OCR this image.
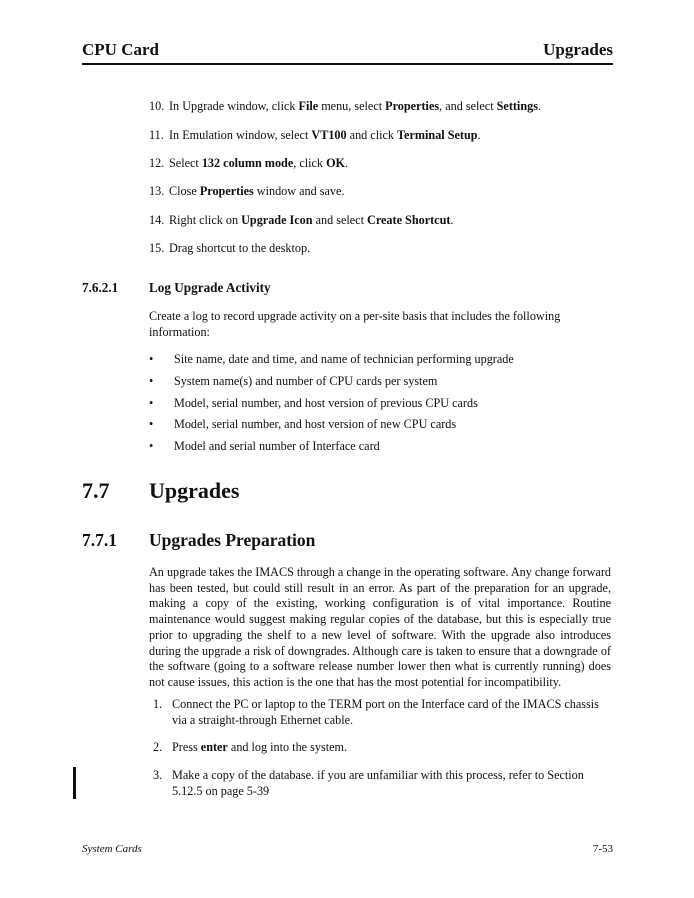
CPU Card	Upgrades
10. In Upgrade window, click File menu, select Properties, and select Settings.
11. In Emulation window, select VT100 and click Terminal Setup.
12. Select 132 column mode, click OK.
13. Close Properties window and save.
14. Right click on Upgrade Icon and select Create Shortcut.
15. Drag shortcut to the desktop.
7.6.2.1 Log Upgrade Activity
Create a log to record upgrade activity on a per-site basis that includes the following information:
• Site name, date and time, and name of technician performing upgrade
• System name(s) and number of CPU cards per system
• Model, serial number, and host version of previous CPU cards
• Model, serial number, and host version of new CPU cards
• Model and serial number of Interface card
7.7 Upgrades
7.7.1 Upgrades Preparation
An upgrade takes the IMACS through a change in the operating software. Any change forward has been tested, but could still result in an error. As part of the preparation for an upgrade, making a copy of the existing, working configuration is of vital importance. Routine maintenance would suggest making regular copies of the database, but this is especially true prior to upgrading the shelf to a new level of software. With the upgrade also introduces during the upgrade a risk of downgrades. Although care is taken to ensure that a downgrade of the software (going to a software release number lower then what is currently running) does not cause issues, this action is the one that has the most potential for incompatibility.
1. Connect the PC or laptop to the TERM port on the Interface card of the IMACS chassis via a straight-through Ethernet cable.
2. Press enter and log into the system.
3. Make a copy of the database. if you are unfamiliar with this process, refer to Section 5.12.5 on page 5-39
System Cards	7-53
